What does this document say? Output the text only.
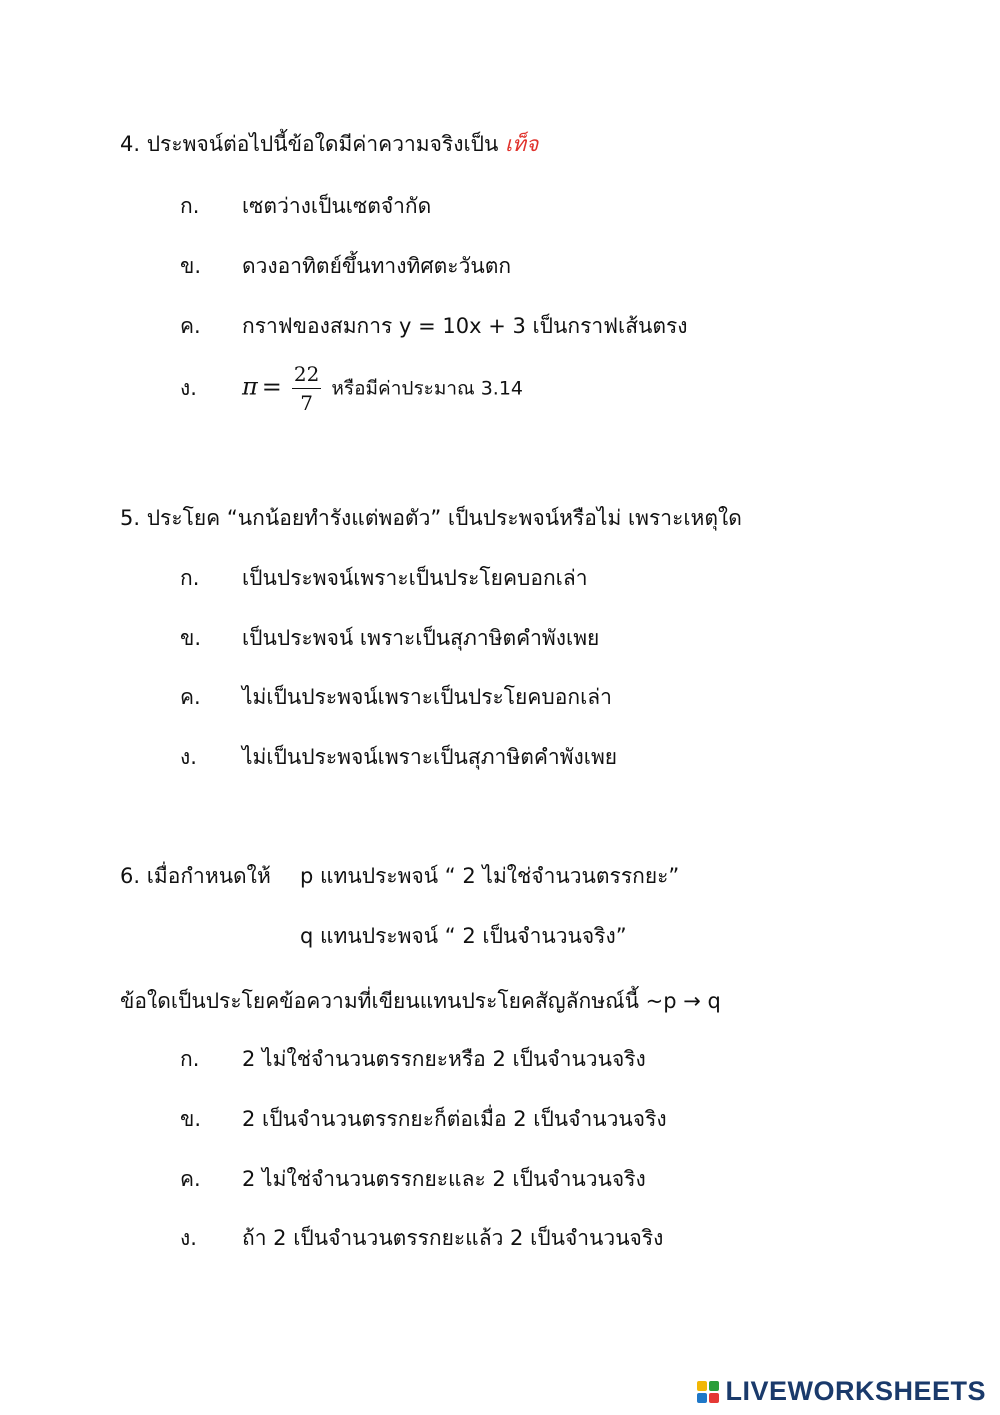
4. ประพจน์ต่อไปนี้ข้อใดมีค่าความจริงเป็น เท็จ
ก. เซตว่างเป็นเซตจำกัด
ข. ดวงอาทิตย์ขึ้นทางทิศตะวันตก
ค. กราฟของสมการ y = 10x + 3 เป็นกราฟเส้นตรง
ง. $\pi = \frac{22}{7}$ หรือมีค่าประมาณ 3.14
5. ประโยค “นกน้อยทำรังแต่พอตัว” เป็นประพจน์หรือไม่ เพราะเหตุใด
ก. เป็นประพจน์เพราะเป็นประโยคบอกเล่า
ข. เป็นประพจน์ เพราะเป็นสุภาษิตคำพังเพย
ค. ไม่เป็นประพจน์เพราะเป็นประโยคบอกเล่า
ง. ไม่เป็นประพจน์เพราะเป็นสุภาษิตคำพังเพย
6. เมื่อกำหนดให้ p แทนประพจน์ “ 2 ไม่ใช่จำนวนตรรกยะ”
q แทนประพจน์ “ 2 เป็นจำนวนจริง”
ข้อใดเป็นประโยคข้อความที่เขียนแทนประโยคสัญลักษณ์นี้ ~p → q
ก. 2 ไม่ใช่จำนวนตรรกยะหรือ 2 เป็นจำนวนจริง
ข. 2 เป็นจำนวนตรรกยะก็ต่อเมื่อ 2 เป็นจำนวนจริง
ค. 2 ไม่ใช่จำนวนตรรกยะและ 2 เป็นจำนวนจริง
ง. ถ้า 2 เป็นจำนวนตรรกยะแล้ว 2 เป็นจำนวนจริง
LIVEWORKSHEETS
